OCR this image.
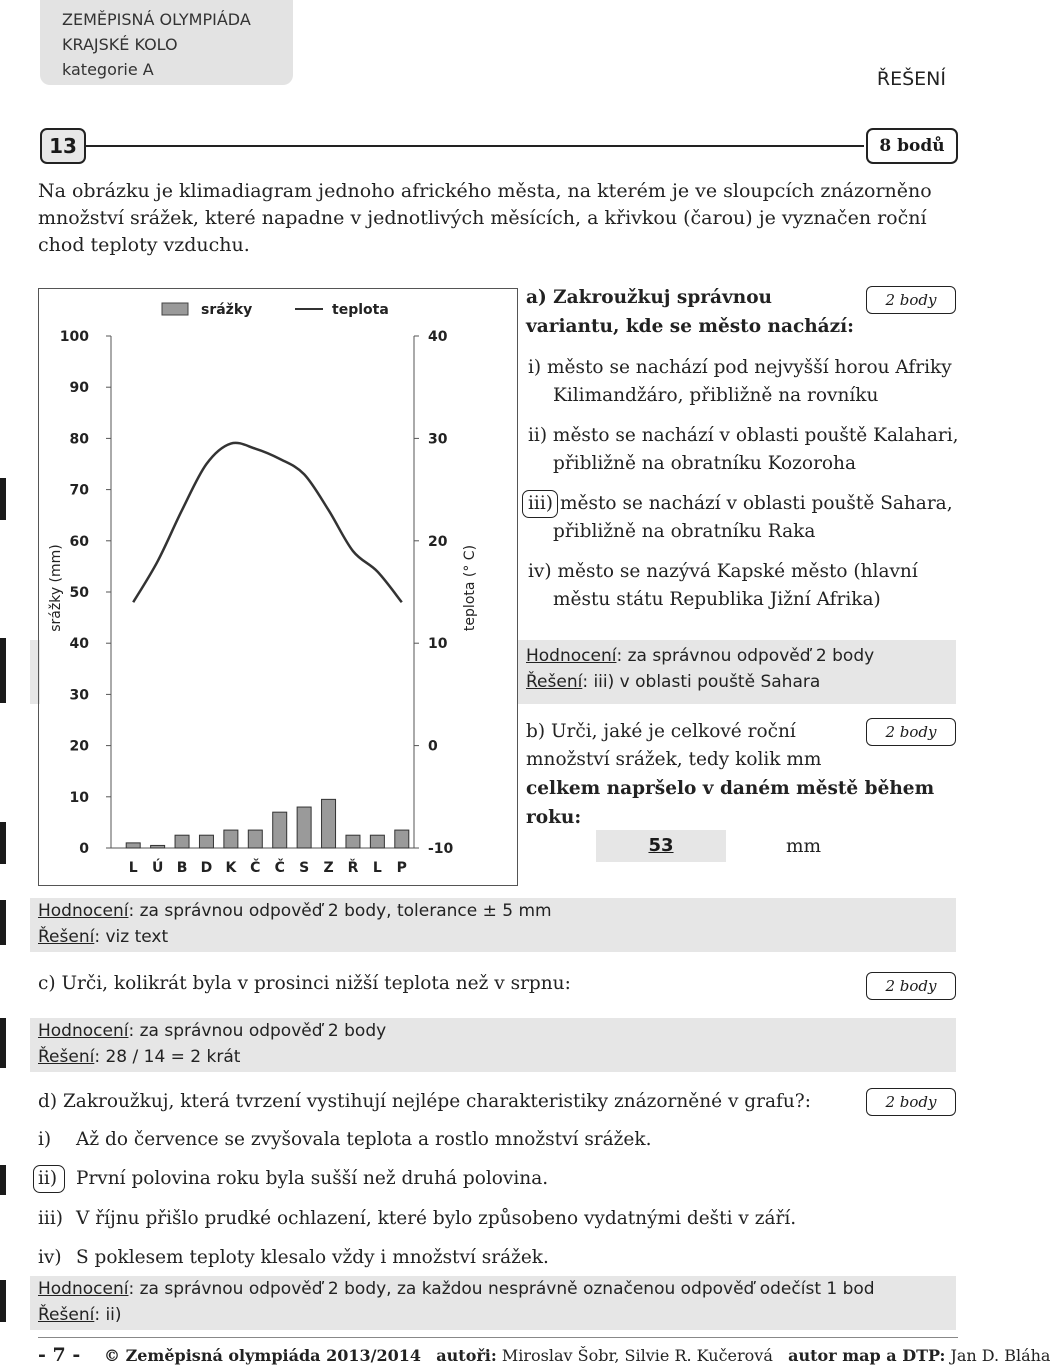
ZEMĚPISNÁ OLYMPIÁDA
KRAJSKÉ KOLO
kategorie A	ŘEŠENÍ
13	8 bodů
Na obrázku je klimadiagram jednoho afrického města, na kterém je ve sloupcích znázorněno množství srážek, které napadne v jednotlivých měsících, a křivkou (čarou) je vyznačen roční chod teploty vzduchu.
100
90
80
70
60
50
40
30
20
10
0
40
30
20
10
0
-10
srážky (mm)	teplota (° C)
srážky	teplota
L Ú B D K Č Č S Z Ř L P
a) Zakroužkuj správnou
variantu, kde se město nachází:
2 body
i) město se nachází pod nejvyšší horou Afriky
Kilimandžáro, přibližně na rovníku
ii) město se nachází v oblasti pouště Kalahari,
přibližně na obratníku Kozoroha
iii) město se nachází v oblasti pouště Sahara,
přibližně na obratníku Raka
iv) město se nazývá Kapské město (hlavní
městu státu Republika Jižní Afrika)
Hodnocení: za správnou odpověď 2 body
Řešení: iii) v oblasti pouště Sahara
b) Urči, jaké je celkové roční
množství srážek, tedy kolik mm
celkem napršelo v daném městě během
roku:
2 body
53	mm
Hodnocení: za správnou odpověď 2 body, tolerance ± 5 mm
Řešení: viz text
c) Urči, kolikrát byla v prosinci nižší teplota než v srpnu:	2 body
Hodnocení: za správnou odpověď 2 body
Řešení: 28 / 14 = 2 krát
d) Zakroužkuj, která tvrzení vystihují nejlépe charakteristiky znázorněné v grafu?:	2 body
i) Až do července se zvyšovala teplota a rostlo množství srážek.
ii) První polovina roku byla sušší než druhá polovina.
iii) V říjnu přišlo prudké ochlazení, které bylo způsobeno vydatnými dešti v září.
iv) S poklesem teploty klesalo vždy i množství srážek.
Hodnocení: za správnou odpověď 2 body, za každou nesprávně označenou odpověď odečíst 1 bod
Řešení: ii)
- 7 - © Zeměpisná olympiáda 2013/2014 autoři: Miroslav Šobr, Silvie R. Kučerová autor map a DTP: Jan D. Bláha
